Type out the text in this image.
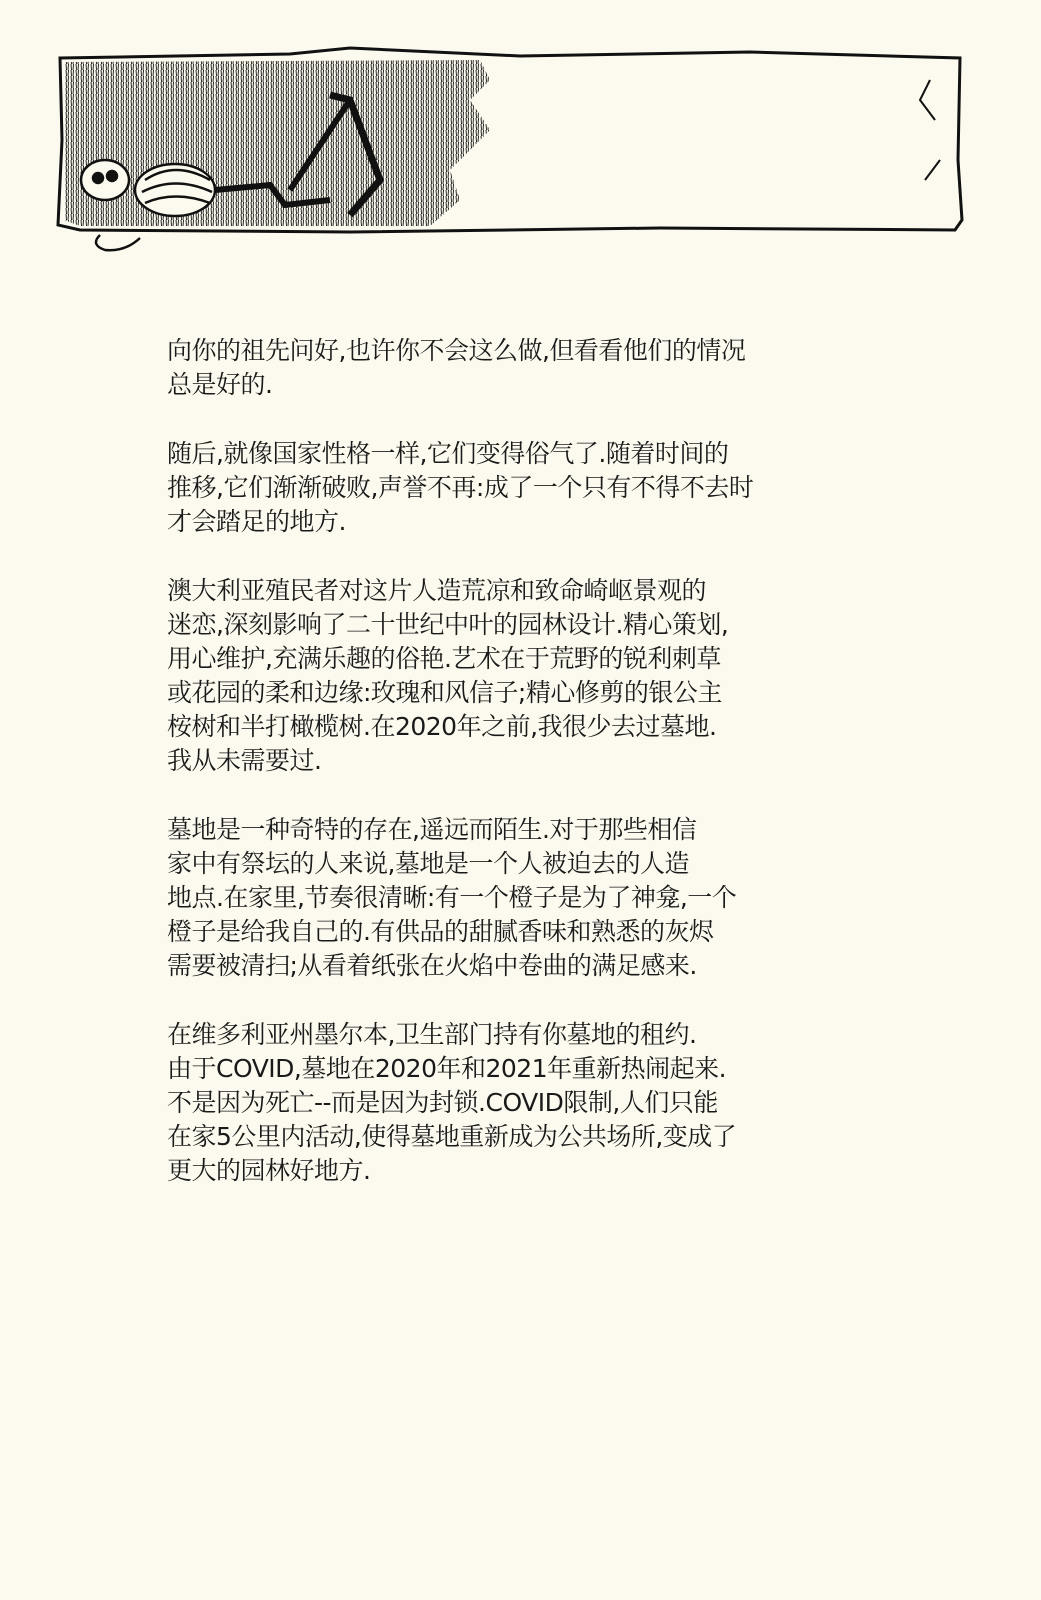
向你的祖先问好,也许你不会这么做,但看看他们的情况
总是好的.

随后,就像国家性格一样,它们变得俗气了.随着时间的
推移,它们渐渐破败,声誉不再:成了一个只有不得不去时
才会踏足的地方.

澳大利亚殖民者对这片人造荒凉和致命崎岖景观的
迷恋,深刻影响了二十世纪中叶的园林设计.精心策划,
用心维护,充满乐趣的俗艳.艺术在于荒野的锐利刺草
或花园的柔和边缘:玫瑰和风信子;精心修剪的银公主
桉树和半打橄榄树.在2020年之前,我很少去过墓地.
我从未需要过.

墓地是一种奇特的存在,遥远而陌生.对于那些相信
家中有祭坛的人来说,墓地是一个人被迫去的人造
地点.在家里,节奏很清晰:有一个橙子是为了神龛,一个
橙子是给我自己的.有供品的甜腻香味和熟悉的灰烬
需要被清扫;从看着纸张在火焰中卷曲的满足感来.

在维多利亚州墨尔本,卫生部门持有你墓地的租约.
由于COVID,墓地在2020年和2021年重新热闹起来.
不是因为死亡--而是因为封锁.COVID限制,人们只能
在家5公里内活动,使得墓地重新成为公共场所,变成了
更大的园林好地方.
